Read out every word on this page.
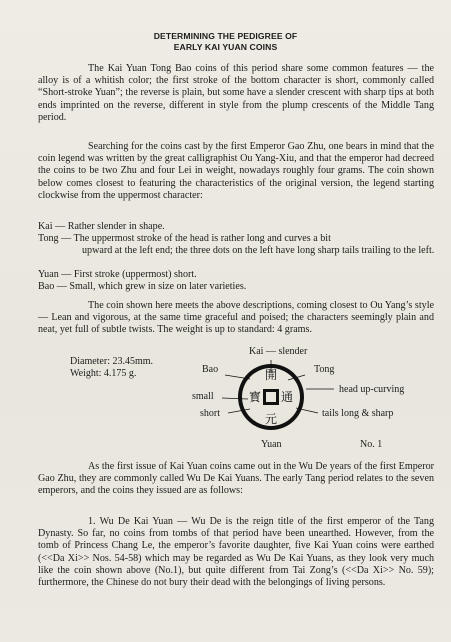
DETERMINING THE PEDIGREE OF
EARLY KAI YUAN COINS

The Kai Yuan Tong Bao coins of this period share some common features — the alloy is of a whitish color; the first stroke of the bottom character is short, commonly called “Short-stroke Yuan”; the reverse is plain, but some have a slender crescent with sharp tips at both ends imprinted on the reverse, different in style from the plump crescents of the Middle Tang period.

Searching for the coins cast by the first Emperor Gao Zhu, one bears in mind that the coin legend was written by the great calligraphist Ou Yang-Xiu, and that the emperor had decreed the coins to be two Zhu and four Lei in weight, nowadays roughly four grams. The coin shown below comes closest to featuring the characteristics of the original version, the legend starting clockwise from the uppermost character:

Kai — Rather slender in shape.
Tong — The uppermost stroke of the head is rather long and curves a bit
upward at the left end; the three dots on the left have long sharp tails trailing to the left.
Yuan — First stroke (uppermost) short.
Bao — Small, which grew in size on later varieties.

The coin shown here meets the above descriptions, coming closest to Ou Yang’s style — Lean and vigorous, at the same time graceful and poised; the characters seemingly plain and neat, yet full of subtle twists. The weight is up to standard: 4 grams.

Diameter: 23.45mm.
Weight: 4.175 g.	開
通
元
寳
Kai — slender
Bao	Tong
small
head up-curving
short	tails long & sharp
Yuan	No. 1

As the first issue of Kai Yuan coins came out in the Wu De years of the first Emperor Gao Zhu, they are commonly called Wu De Kai Yuans. The early Tang period relates to the seven emperors, and the coins they issued are as follows:

1. Wu De Kai Yuan — Wu De is the reign title of the first emperor of the Tang Dynasty. So far, no coins from tombs of that period have been unearthed. However, from the tomb of Princess Chang Le, the emperor’s favorite daughter, five Kai Yuan coins were earthed (<<Da Xi>> Nos. 54-58) which may be regarded as Wu De Kai Yuans, as they look very much like the coin shown above (No.1), but quite different from Tai Zong’s (<<Da Xi>> No. 59); furthermore, the Chinese do not bury their dead with the belongings of living persons.
